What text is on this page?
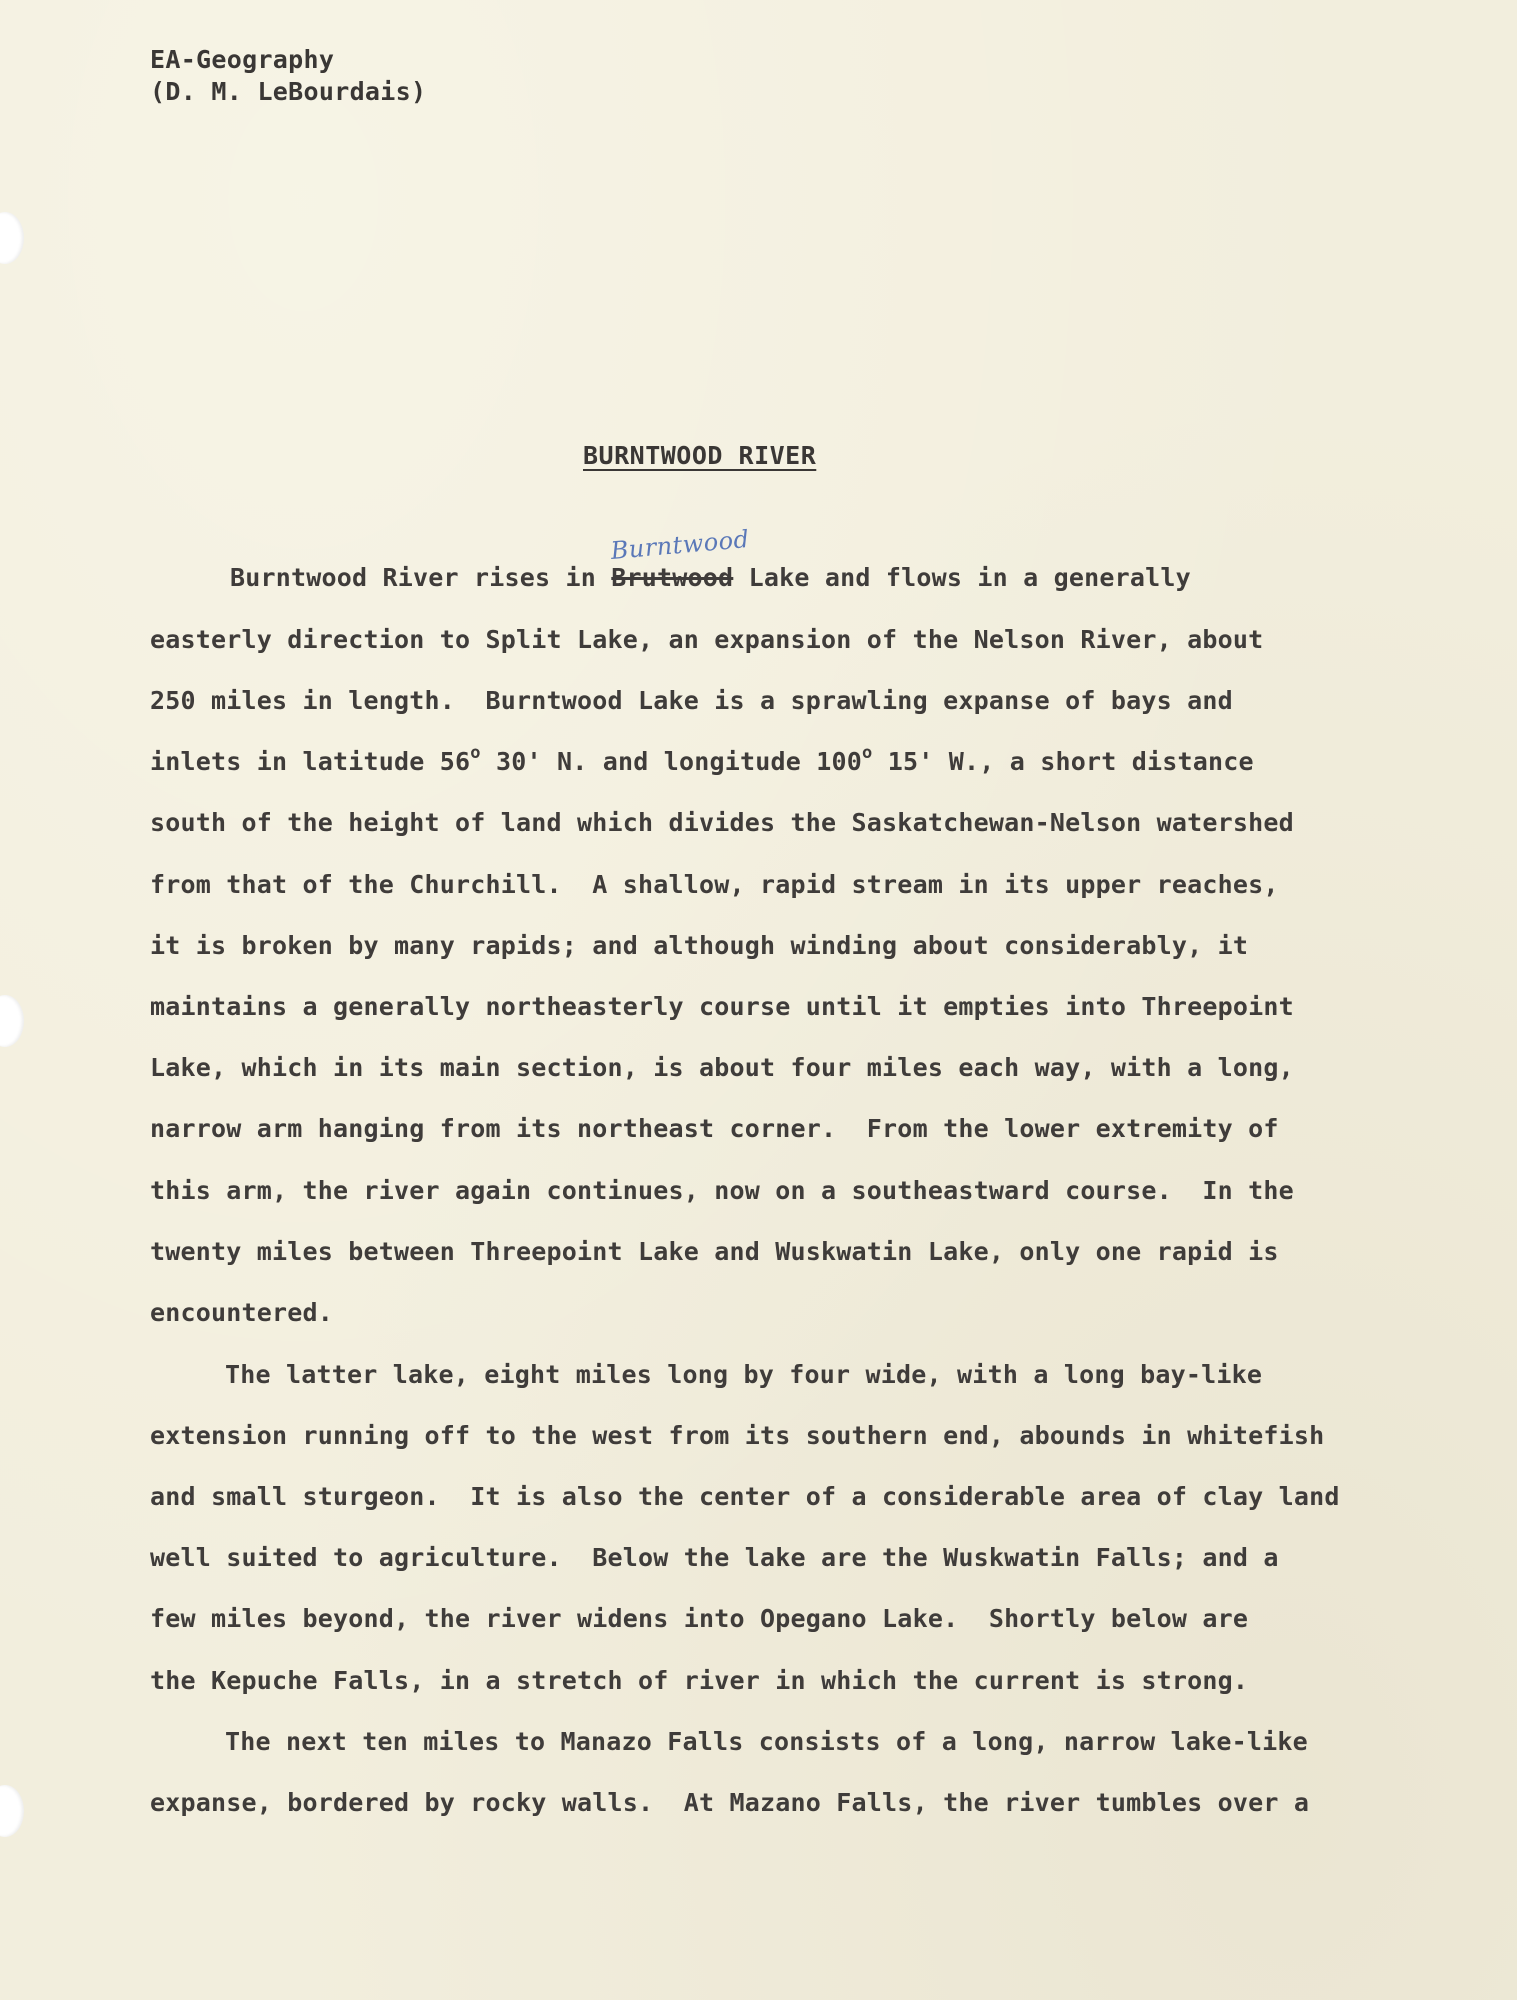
EA-Geography
(D. M. LeBourdais)
BURNTWOOD RIVER
Burntwood
Burntwood River rises in Brutwood Lake and flows in a generally
easterly direction to Split Lake, an expansion of the Nelson River, about
250 miles in length.  Burntwood Lake is a sprawling expanse of bays and
inlets in latitude 56$^o$ 30' N. and longitude 100$^o$ 15' W., a short distance
south of the height of land which divides the Saskatchewan-Nelson watershed
from that of the Churchill.  A shallow, rapid stream in its upper reaches,
it is broken by many rapids; and although winding about considerably, it
maintains a generally northeasterly course until it empties into Threepoint
Lake, which in its main section, is about four miles each way, with a long,
narrow arm hanging from its northeast corner.  From the lower extremity of
this arm, the river again continues, now on a southeastward course.  In the
twenty miles between Threepoint Lake and Wuskwatin Lake, only one rapid is
encountered.
The latter lake, eight miles long by four wide, with a long bay-like
extension running off to the west from its southern end, abounds in whitefish
and small sturgeon.  It is also the center of a considerable area of clay land
well suited to agriculture.  Below the lake are the Wuskwatin Falls; and a
few miles beyond, the river widens into Opegano Lake.  Shortly below are
the Kepuche Falls, in a stretch of river in which the current is strong.
The next ten miles to Manazo Falls consists of a long, narrow lake-like
expanse, bordered by rocky walls.  At Mazano Falls, the river tumbles over a
